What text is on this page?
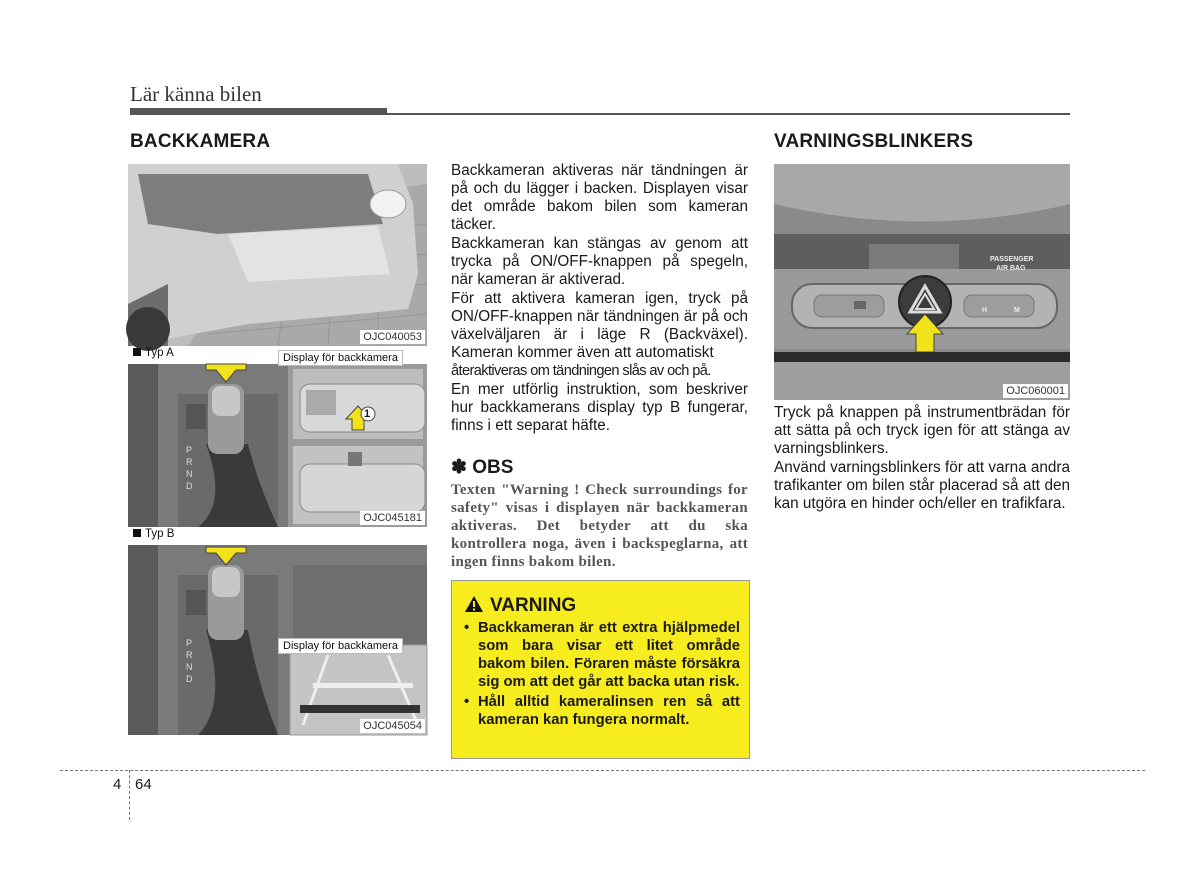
Lär känna bilen
BACKKAMERA
OJC040053
Typ A
P
R
N
D
Display för backkamera
1
OJC045181
Typ B
P
R
N
D
Display för backkamera
OJC045054

Backkameran aktiveras när tändningen är på och du lägger i backen. Displayen visar det område bakom bilen som kameran täcker.

Backkameran kan stängas av genom att trycka på ON/OFF-knappen på spegeln, när kameran är aktiverad.

För att aktivera kameran igen, tryck på ON/OFF-knappen när tändningen är på och växelväljaren är i läge R (Backväxel). Kameran kommer även att automatiskt

återaktiveras om tändningen slås av och på.

En mer utförlig instruktion, som beskriver hur backkamerans display typ B fungerar, finns i ett separat häfte.

✽ OBS
Texten "Warning ! Check surroundings for safety" visas i displayen när backkameran aktiveras. Det betyder att du ska kontrollera noga, även i backspeglarna, att ingen finns bakom bilen.
VARNING
• Backkameran är ett extra hjälpmedel som bara visar ett litet område bakom bilen. Föraren måste försäkra sig om att det går att backa utan risk.
• Håll alltid kameralinsen ren så att kameran kan fungera normalt.
VARNINGSBLINKERS
PASSENGER
AIR BAG
H	M
OJC060001

Tryck på knappen på instrumentbrädan för att sätta på och tryck igen för att stänga av varningsblinkers.

Använd varningsblinkers för att varna andra trafikanter om bilen står placerad så att den kan utgöra en hinder och/eller en trafikfara.

4 64
